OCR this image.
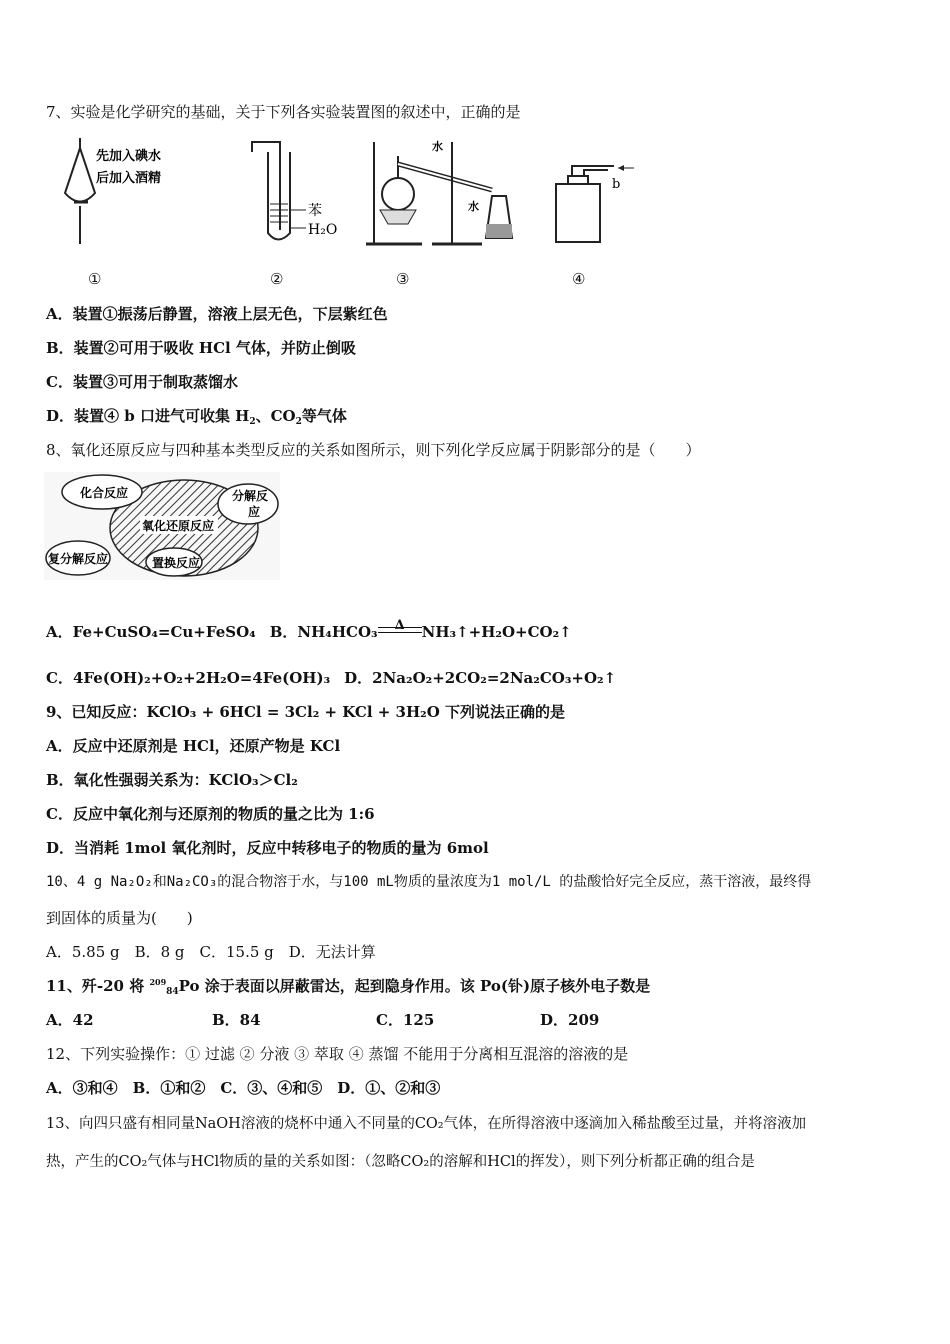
7、实验是化学研究的基础，关于下列各实验装置图的叙述中，正确的是
先加入碘水
后加入酒精
苯
H₂O
水
水
b
①	②	③	④
A．装置①振荡后静置，溶液上层无色，下层紫红色
B．装置②可用于吸收 HCl 气体，并防止倒吸
C．装置③可用于制取蒸馏水
D．装置④ b 口进气可收集 $H_2$、$CO_2$等气体
8、氧化还原反应与四种基本类型反应的关系如图所示，则下列化学反应属于阴影部分的是（　　）
化合反应	分解反
应
氧化还原反应
复分解反应	置换反应
A．Fe+CuSO₄=Cu+FeSO₄ B．NH₄HCO₃	Δ	NH₃↑+H₂O+CO₂↑
C．4Fe(OH)₂+O₂+2H₂O=4Fe(OH)₃ D．2Na₂O₂+2CO₂=2Na₂CO₃+O₂↑
9、已知反应：KClO₃ + 6HCl = 3Cl₂ + KCl + 3H₂O 下列说法正确的是
A．反应中还原剂是 HCl，还原产物是 KCl
B．氧化性强弱关系为：KClO₃＞Cl₂
C．反应中氧化剂与还原剂的物质的量之比为 1:6
D．当消耗 1mol 氧化剂时，反应中转移电子的物质的量为 6mol
10、4 g Na₂O₂和Na₂CO₃的混合物溶于水，与100 mL物质的量浓度为1 mol/L 的盐酸恰好完全反应，蒸干溶液，最终得
到固体的质量为(　　)
A．5.85 g　B．8 g　C．15.5 g　D．无法计算
11、歼-20 将 $^{209}_{84}$Po 涂于表面以屏蔽雷达，起到隐身作用。该 Po(钋)原子核外电子数是
A．42	B．84	C．125	D．209
12、下列实验操作：① 过滤 ② 分液 ③ 萃取 ④ 蒸馏 不能用于分离相互混溶的溶液的是
A．③和④　B．①和②　C．③、④和⑤　D．①、②和③
13、向四只盛有相同量NaOH溶液的烧杯中通入不同量的CO₂气体，在所得溶液中逐滴加入稀盐酸至过量，并将溶液加
热，产生的CO₂气体与HCl物质的量的关系如图：（忽略CO₂的溶解和HCl的挥发），则下列分析都正确的组合是
